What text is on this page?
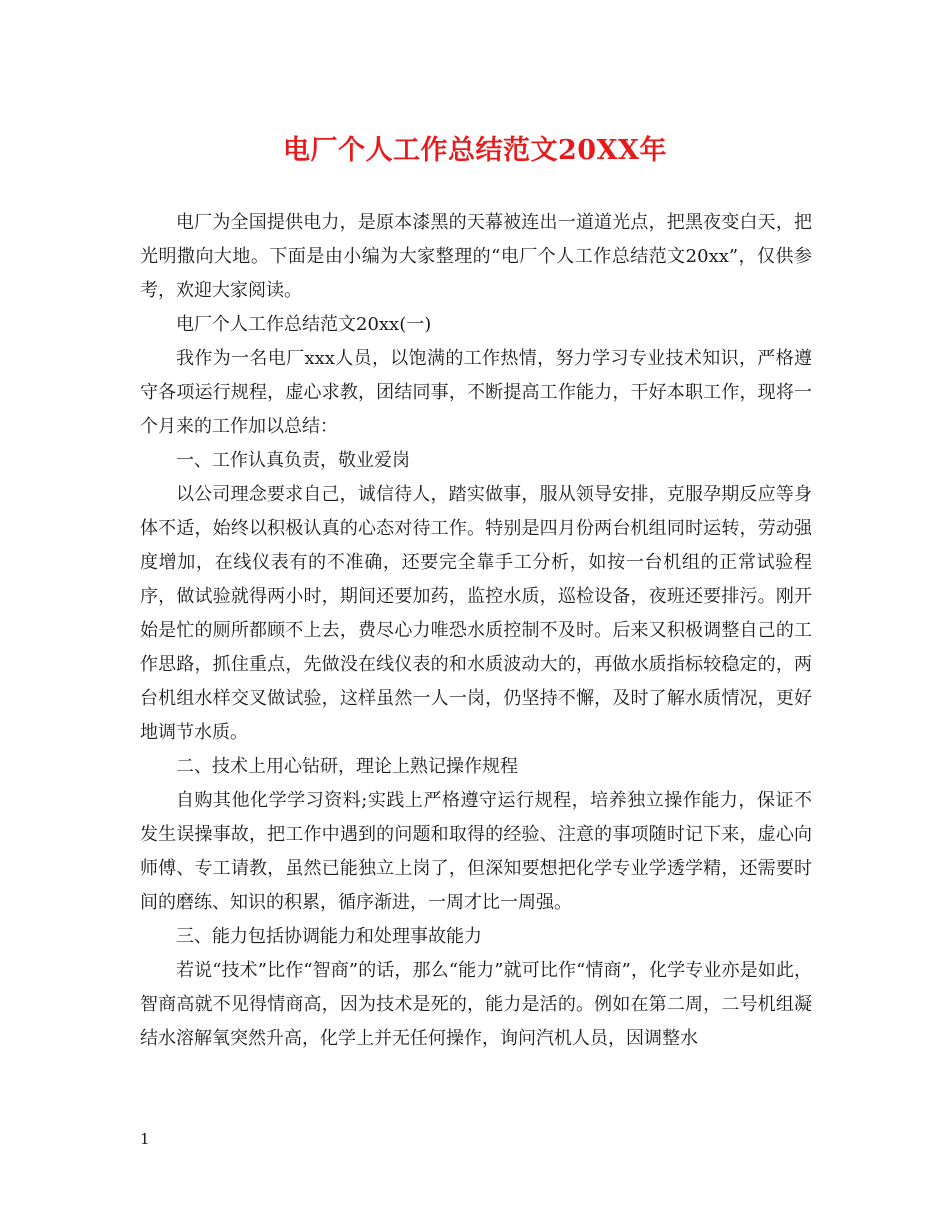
电厂个人工作总结范文20XX年

电厂为全国提供电力，是原本漆黑的天幕被连出一道道光点，把黑夜变白天，把光明撒向大地。下面是由小编为大家整理的“电厂个人工作总结范文20xx”，仅供参考，欢迎大家阅读。

电厂个人工作总结范文20xx(一)

我作为一名电厂xxx人员，以饱满的工作热情，努力学习专业技术知识，严格遵守各项运行规程，虚心求教，团结同事，不断提高工作能力，干好本职工作，现将一个月来的工作加以总结：

一、工作认真负责，敬业爱岗

以公司理念要求自己，诚信待人，踏实做事，服从领导安排，克服孕期反应等身体不适，始终以积极认真的心态对待工作。特别是四月份两台机组同时运转，劳动强度增加，在线仪表有的不准确，还要完全靠手工分析，如按一台机组的正常试验程序，做试验就得两小时，期间还要加药，监控水质，巡检设备，夜班还要排污。刚开始是忙的厕所都顾不上去，费尽心力唯恐水质控制不及时。后来又积极调整自己的工作思路，抓住重点，先做没在线仪表的和水质波动大的，再做水质指标较稳定的，两台机组水样交叉做试验，这样虽然一人一岗，仍坚持不懈，及时了解水质情况，更好地调节水质。

二、技术上用心钻研，理论上熟记操作规程

自购其他化学学习资料;实践上严格遵守运行规程，培养独立操作能力，保证不发生误操事故，把工作中遇到的问题和取得的经验、注意的事项随时记下来，虚心向师傅、专工请教，虽然已能独立上岗了，但深知要想把化学专业学透学精，还需要时间的磨练、知识的积累，循序渐进，一周才比一周强。

三、能力包括协调能力和处理事故能力

若说“技术”比作“智商”的话，那么“能力”就可比作“情商”，化学专业亦是如此，智商高就不见得情商高，因为技术是死的，能力是活的。例如在第二周，二号机组凝结水溶解氧突然升高，化学上并无任何操作，询问汽机人员，因调整水

1
